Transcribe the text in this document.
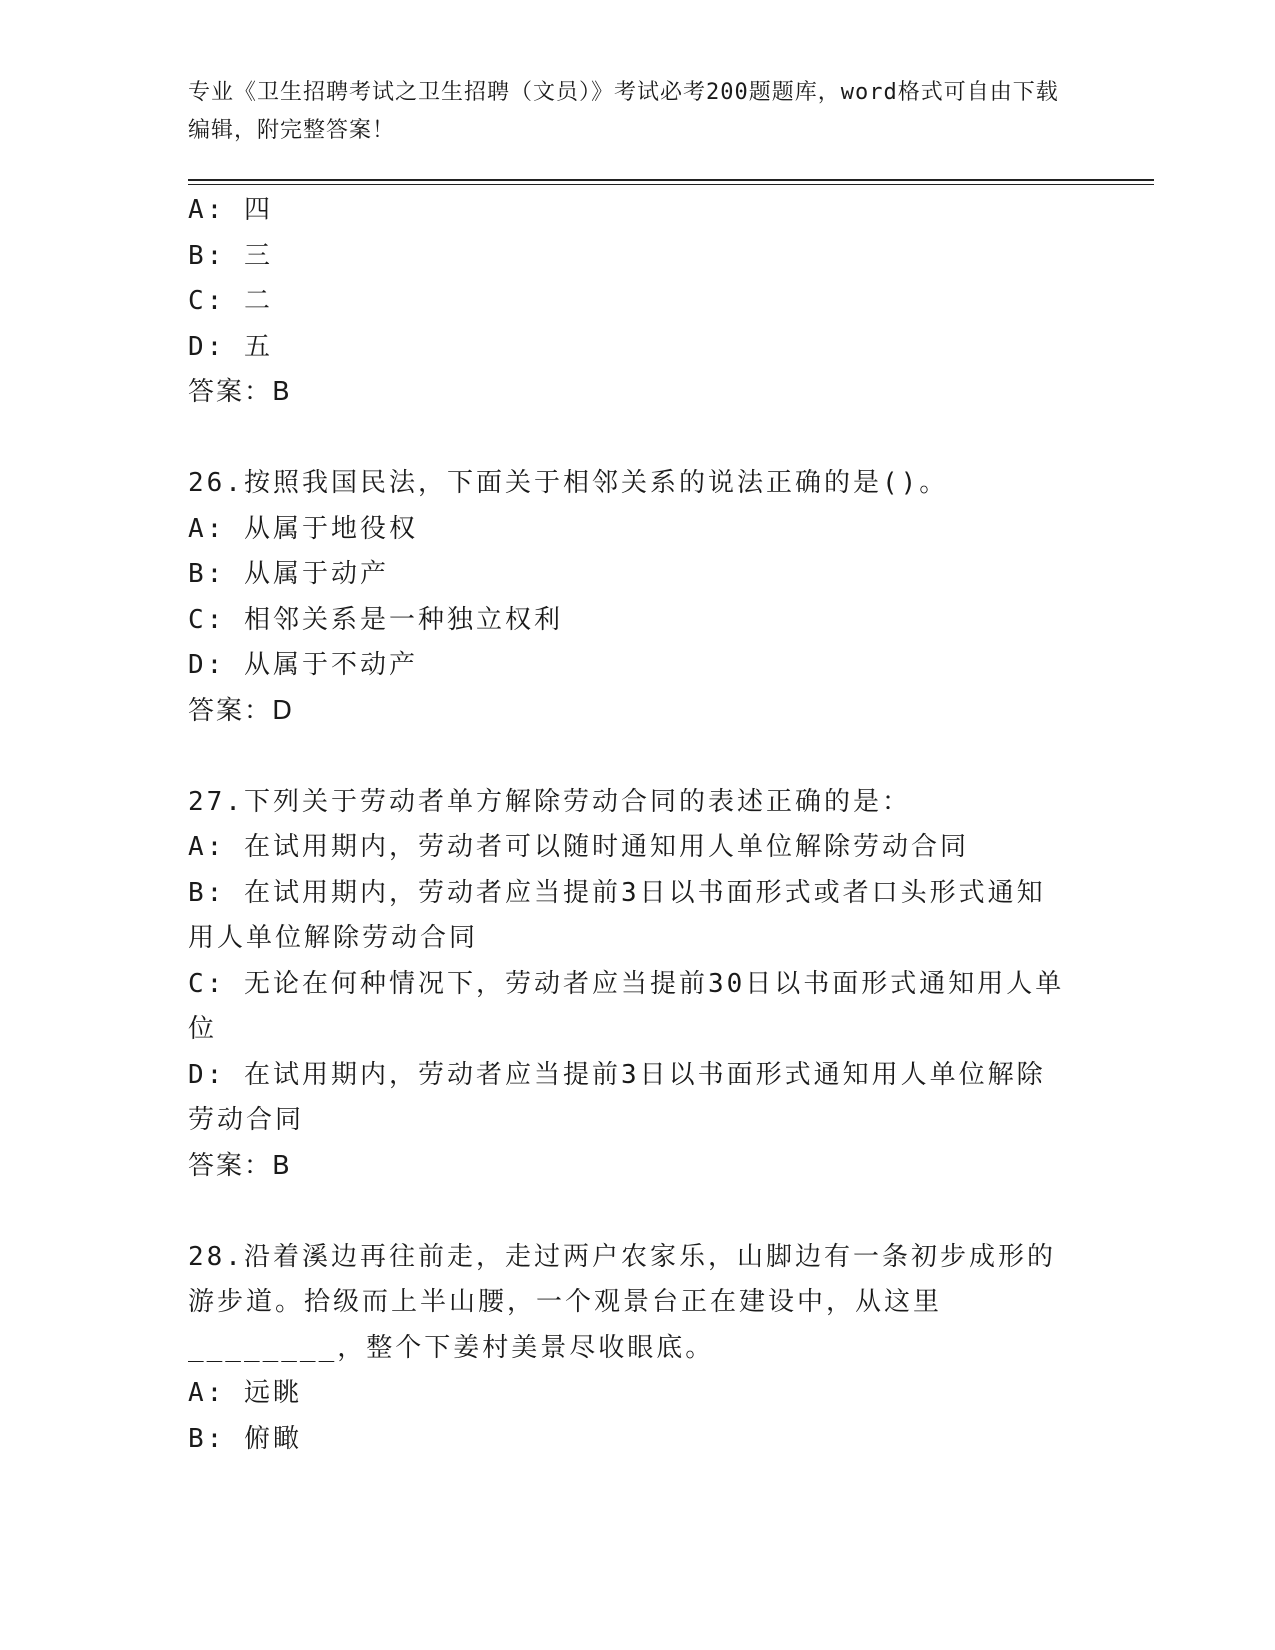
专业《卫生招聘考试之卫生招聘（文员）》考试必考200题题库，word格式可自由下载编辑，附完整答案！
A: 四
B: 三
C: 二
D: 五
答案：B
26.按照我国民法，下面关于相邻关系的说法正确的是()。
A: 从属于地役权
B: 从属于动产
C: 相邻关系是一种独立权利
D: 从属于不动产
答案：D
27.下列关于劳动者单方解除劳动合同的表述正确的是：
A: 在试用期内，劳动者可以随时通知用人单位解除劳动合同
B: 在试用期内，劳动者应当提前3日以书面形式或者口头形式通知用人单位解除劳动合同
C: 无论在何种情况下，劳动者应当提前30日以书面形式通知用人单位
D: 在试用期内，劳动者应当提前3日以书面形式通知用人单位解除劳动合同
答案：B
28.沿着溪边再往前走，走过两户农家乐，山脚边有一条初步成形的游步道。拾级而上半山腰，一个观景台正在建设中，从这里________，整个下姜村美景尽收眼底。
A: 远眺
B: 俯瞰
